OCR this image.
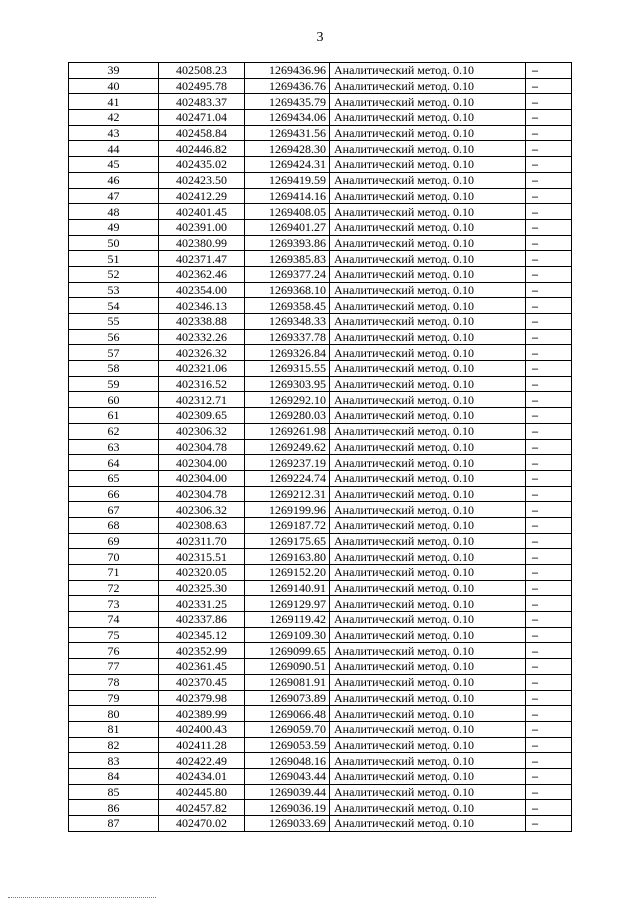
3
39	402508.23	1269436.96	Аналитический метод. 0.10	–
40	402495.78	1269436.76	Аналитический метод. 0.10	–
41	402483.37	1269435.79	Аналитический метод. 0.10	–
42	402471.04	1269434.06	Аналитический метод. 0.10	–
43	402458.84	1269431.56	Аналитический метод. 0.10	–
44	402446.82	1269428.30	Аналитический метод. 0.10	–
45	402435.02	1269424.31	Аналитический метод. 0.10	–
46	402423.50	1269419.59	Аналитический метод. 0.10	–
47	402412.29	1269414.16	Аналитический метод. 0.10	–
48	402401.45	1269408.05	Аналитический метод. 0.10	–
49	402391.00	1269401.27	Аналитический метод. 0.10	–
50	402380.99	1269393.86	Аналитический метод. 0.10	–
51	402371.47	1269385.83	Аналитический метод. 0.10	–
52	402362.46	1269377.24	Аналитический метод. 0.10	–
53	402354.00	1269368.10	Аналитический метод. 0.10	–
54	402346.13	1269358.45	Аналитический метод. 0.10	–
55	402338.88	1269348.33	Аналитический метод. 0.10	–
56	402332.26	1269337.78	Аналитический метод. 0.10	–
57	402326.32	1269326.84	Аналитический метод. 0.10	–
58	402321.06	1269315.55	Аналитический метод. 0.10	–
59	402316.52	1269303.95	Аналитический метод. 0.10	–
60	402312.71	1269292.10	Аналитический метод. 0.10	–
61	402309.65	1269280.03	Аналитический метод. 0.10	–
62	402306.32	1269261.98	Аналитический метод. 0.10	–
63	402304.78	1269249.62	Аналитический метод. 0.10	–
64	402304.00	1269237.19	Аналитический метод. 0.10	–
65	402304.00	1269224.74	Аналитический метод. 0.10	–
66	402304.78	1269212.31	Аналитический метод. 0.10	–
67	402306.32	1269199.96	Аналитический метод. 0.10	–
68	402308.63	1269187.72	Аналитический метод. 0.10	–
69	402311.70	1269175.65	Аналитический метод. 0.10	–
70	402315.51	1269163.80	Аналитический метод. 0.10	–
71	402320.05	1269152.20	Аналитический метод. 0.10	–
72	402325.30	1269140.91	Аналитический метод. 0.10	–
73	402331.25	1269129.97	Аналитический метод. 0.10	–
74	402337.86	1269119.42	Аналитический метод. 0.10	–
75	402345.12	1269109.30	Аналитический метод. 0.10	–
76	402352.99	1269099.65	Аналитический метод. 0.10	–
77	402361.45	1269090.51	Аналитический метод. 0.10	–
78	402370.45	1269081.91	Аналитический метод. 0.10	–
79	402379.98	1269073.89	Аналитический метод. 0.10	–
80	402389.99	1269066.48	Аналитический метод. 0.10	–
81	402400.43	1269059.70	Аналитический метод. 0.10	–
82	402411.28	1269053.59	Аналитический метод. 0.10	–
83	402422.49	1269048.16	Аналитический метод. 0.10	–
84	402434.01	1269043.44	Аналитический метод. 0.10	–
85	402445.80	1269039.44	Аналитический метод. 0.10	–
86	402457.82	1269036.19	Аналитический метод. 0.10	–
87	402470.02	1269033.69	Аналитический метод. 0.10	–
